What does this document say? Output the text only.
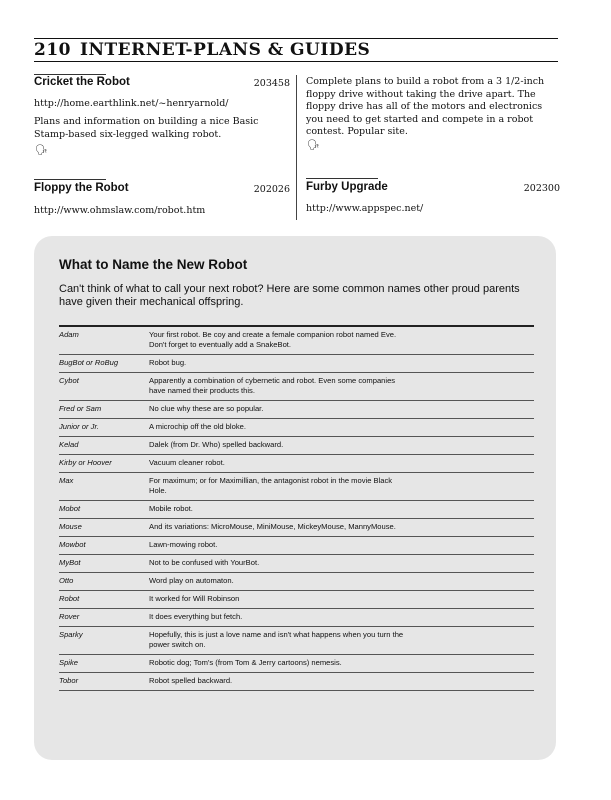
210 INTERNET-PLANS & GUIDES
Cricket the Robot	203458
http://home.earthlink.net/~henryarnold/
Plans and information on building a nice Basic Stamp-based six-legged walking robot.
🗣
Complete plans to build a robot from a 3 1/2-inch floppy drive without taking the drive apart. The floppy drive has all of the motors and electronics you need to get started and compete in a robot contest. Popular site.
🗣
Floppy the Robot	202026
http://www.ohmslaw.com/robot.htm
Furby Upgrade	202300
http://www.appspec.net/
What to Name the New Robot
Can't think of what to call your next robot? Here are some common names other proud parents have given their mechanical offspring.
Adam	Your first robot. Be coy and create a female companion robot named Eve. Don't forget to eventually add a SnakeBot.
BugBot or RoBug	Robot bug.
Cybot	Apparently a combination of cybernetic and robot. Even some companies have named their products this.
Fred or Sam	No clue why these are so popular.
Junior or Jr.	A microchip off the old bloke.
Kelad	Dalek (from Dr. Who) spelled backward.
Kirby or Hoover	Vacuum cleaner robot.
Max	For maximum; or for Maximillian, the antagonist robot in the movie Black Hole.
Mobot	Mobile robot.
Mouse	And its variations: MicroMouse, MiniMouse, MickeyMouse, MannyMouse.
Mowbot	Lawn-mowing robot.
MyBot	Not to be confused with YourBot.
Otto	Word play on automaton.
Robot	It worked for Will Robinson
Rover	It does everything but fetch.
Sparky	Hopefully, this is just a love name and isn't what happens when you turn the power switch on.
Spike	Robotic dog; Tom's (from Tom & Jerry cartoons) nemesis.
Tobor	Robot spelled backward.
